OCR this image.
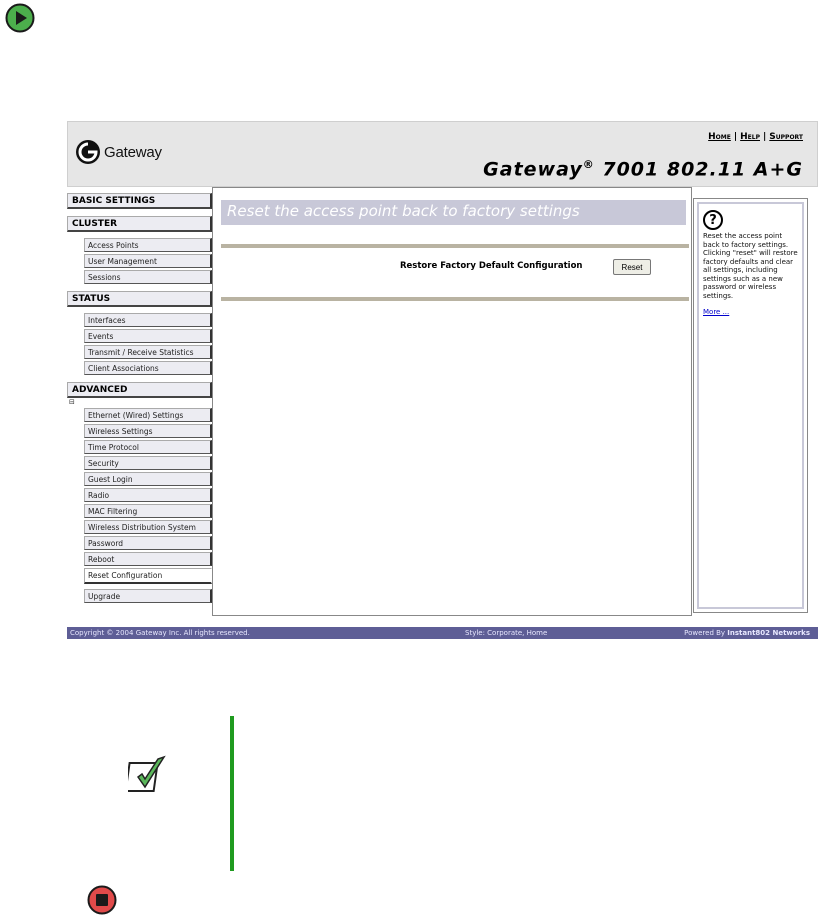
Gateway
Home | Help | Support
Gateway® 7001 802.11 A+G
BASIC SETTINGS
CLUSTER
Access Points
User Management
Sessions
STATUS
Interfaces
Events
Transmit / Receive Statistics
Client Associations
ADVANCED
⊟
Ethernet (Wired) Settings
Wireless Settings
Time Protocol
Security
Guest Login
Radio
MAC Filtering
Wireless Distribution System
Password
Reboot
Reset Configuration
Upgrade
Reset the access point back to factory settings
Restore Factory Default Configuration	Reset
?
Reset the access point back to factory settings. Clicking "reset" will restore factory defaults and clear all settings, including settings such as a new password or wireless settings.
More ...
Copyright © 2004 Gateway Inc. All rights reserved.	Style: Corporate, Home	Powered By Instant802 Networks
